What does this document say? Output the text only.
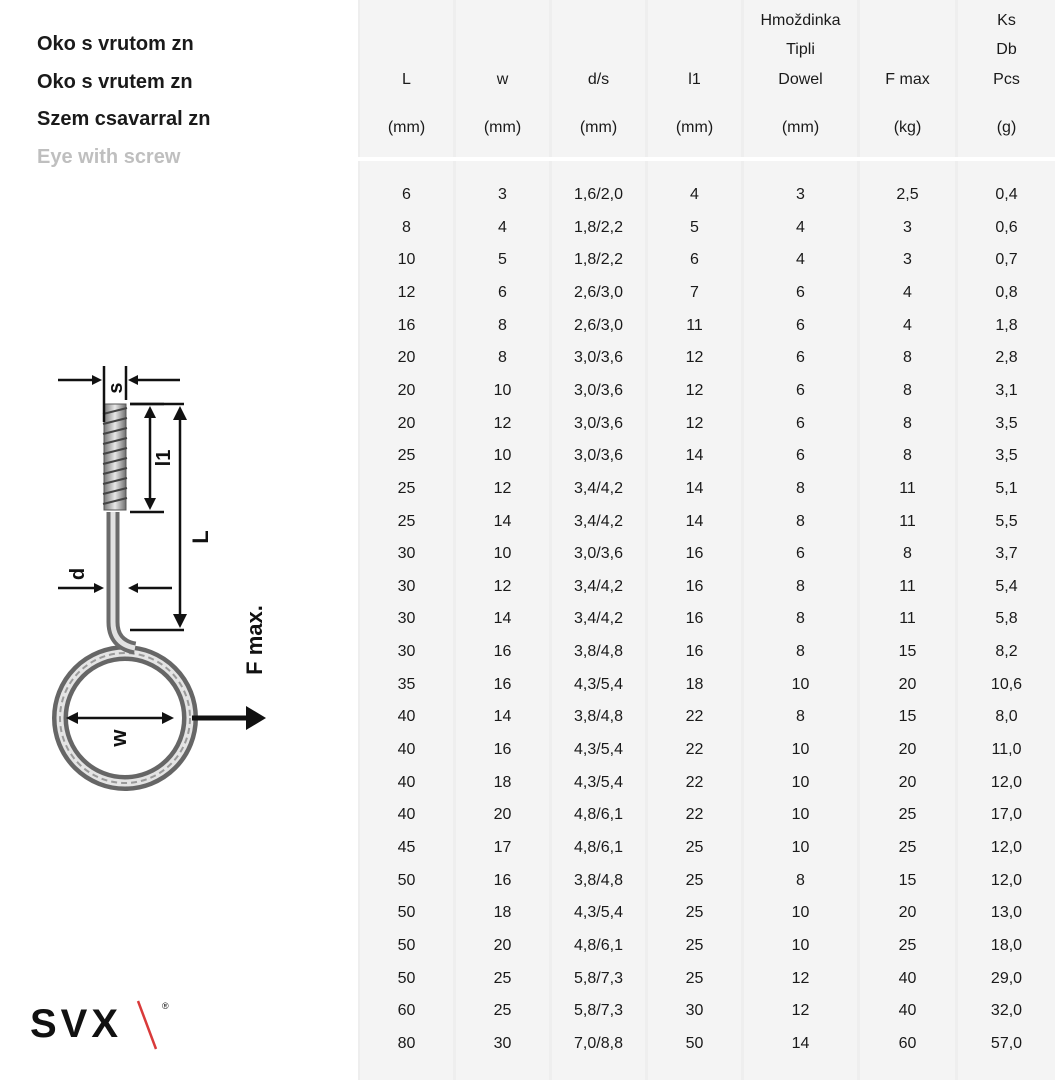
Oko s vrutom zn
Oko s vrutem zn
Szem csavarral zn
Eye with screw
s
l1
L
d
w
F max.
SVX	®
L
(mm)
w
(mm)
d/s
(mm)
l1
(mm)
Hmoždinka
Tipli
Dowel
(mm)
F max
(kg)
Ks
Db
Pcs
(g)
6	3	1,6/2,0	4	3	2,5	0,4
8	4	1,8/2,2	5	4	3	0,6
10	5	1,8/2,2	6	4	3	0,7
12	6	2,6/3,0	7	6	4	0,8
16	8	2,6/3,0	11	6	4	1,8
20	8	3,0/3,6	12	6	8	2,8
20	10	3,0/3,6	12	6	8	3,1
20	12	3,0/3,6	12	6	8	3,5
25	10	3,0/3,6	14	6	8	3,5
25	12	3,4/4,2	14	8	11	5,1
25	14	3,4/4,2	14	8	11	5,5
30	10	3,0/3,6	16	6	8	3,7
30	12	3,4/4,2	16	8	11	5,4
30	14	3,4/4,2	16	8	11	5,8
30	16	3,8/4,8	16	8	15	8,2
35	16	4,3/5,4	18	10	20	10,6
40	14	3,8/4,8	22	8	15	8,0
40	16	4,3/5,4	22	10	20	11,0
40	18	4,3/5,4	22	10	20	12,0
40	20	4,8/6,1	22	10	25	17,0
45	17	4,8/6,1	25	10	25	12,0
50	16	3,8/4,8	25	8	15	12,0
50	18	4,3/5,4	25	10	20	13,0
50	20	4,8/6,1	25	10	25	18,0
50	25	5,8/7,3	25	12	40	29,0
60	25	5,8/7,3	30	12	40	32,0
80	30	7,0/8,8	50	14	60	57,0
